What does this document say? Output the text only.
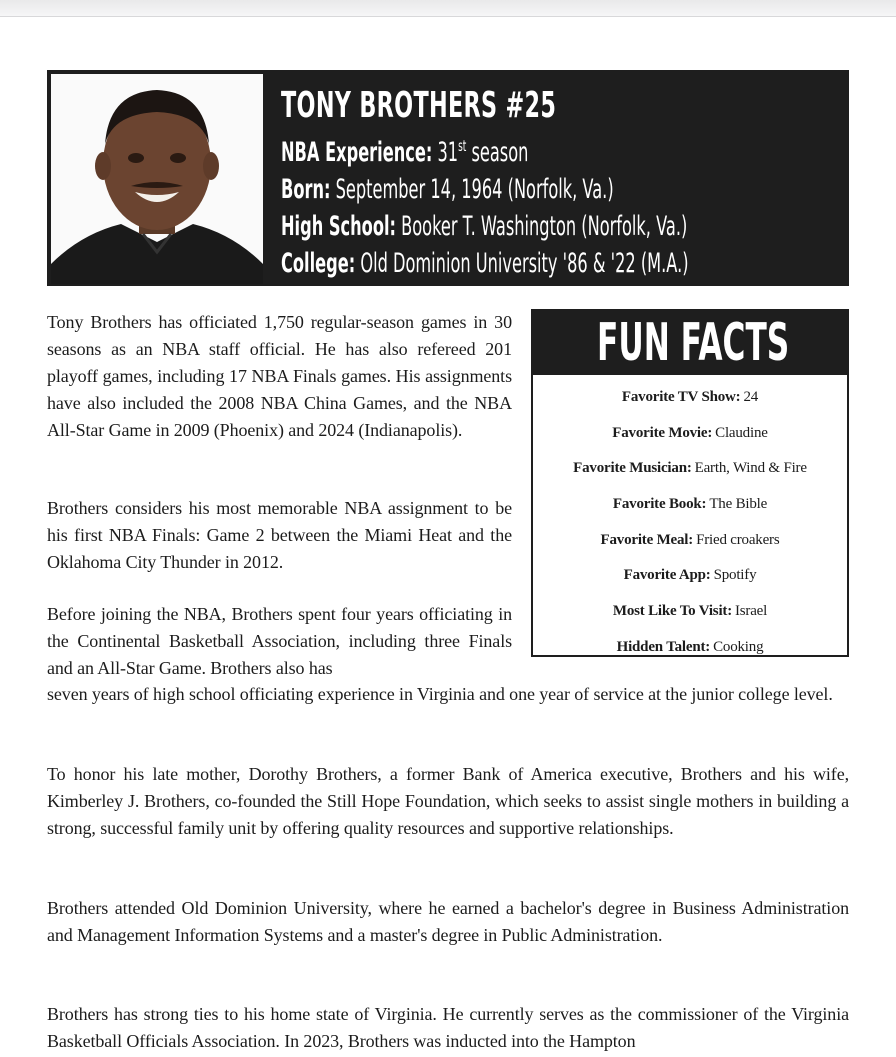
TONY BROTHERS #25
NBA Experience: 31st season
Born: September 14, 1964 (Norfolk, Va.)
High School: Booker T. Washington (Norfolk, Va.)
College: Old Dominion University '86 & '22 (M.A.)
FUN FACTS
Favorite TV Show: 24
Favorite Movie: Claudine
Favorite Musician: Earth, Wind & Fire
Favorite Book: The Bible
Favorite Meal: Fried croakers
Favorite App: Spotify
Most Like To Visit: Israel
Hidden Talent: Cooking

Tony Brothers has officiated 1,750 regular-season games in 30 seasons as an NBA staff official. He has also refereed 201 playoff games, including 17 NBA Finals games. His assignments have also included the 2008 NBA China Games, and the NBA All-Star Game in 2009 (Phoenix) and 2024 (Indianapolis).

Brothers considers his most memorable NBA assignment to be his first NBA Finals: Game 2 between the Miami Heat and the Oklahoma City Thunder in 2012.

Before joining the NBA, Brothers spent four years officiating in the Continental Basketball Association, including three Finals and an All-Star Game. Brothers also has

seven years of high school officiating experience in Virginia and one year of service at the junior college level.

To honor his late mother, Dorothy Brothers, a former Bank of America executive, Brothers and his wife, Kimberley J. Brothers, co-founded the Still Hope Foundation, which seeks to assist single mothers in building a strong, successful family unit by offering quality resources and supportive relationships.

Brothers attended Old Dominion University, where he earned a bachelor's degree in Business Administration and Management Information Systems and a master's degree in Public Administration.

Brothers has strong ties to his home state of Virginia. He currently serves as the commissioner of the Virginia Basketball Officials Association. In 2023, Brothers was inducted into the Hampton
